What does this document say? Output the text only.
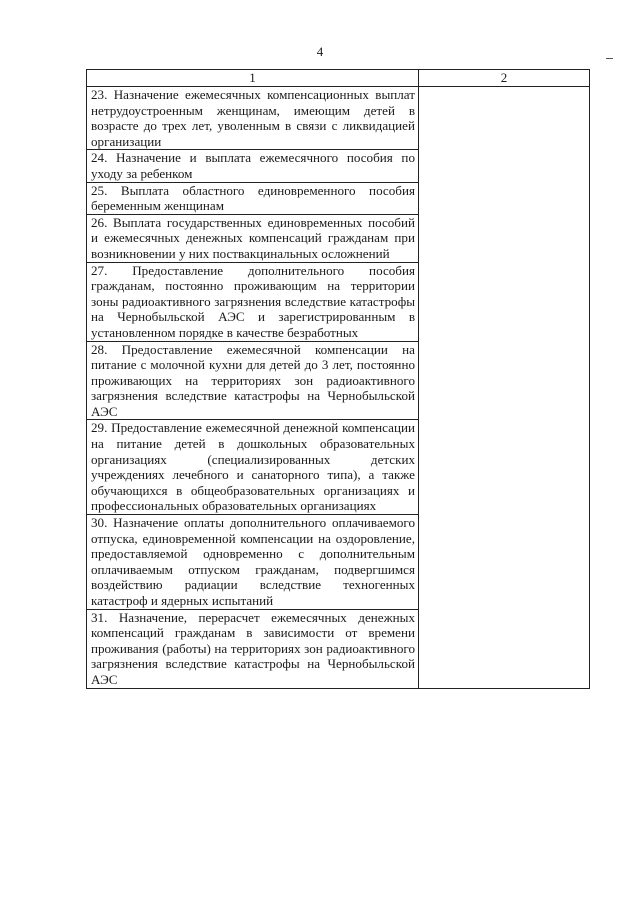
4
1	2

23. Назначение ежемесячных компенсационных выплат нетрудоустроенным женщинам, имеющим детей в возрасте до трех лет, уволенным в связи с ликвидацией организации	

24. Назначение и выплата ежемесячного пособия по уходу за ребенком	

25. Выплата областного единовременного пособия беременным женщинам	

26. Выплата государственных единовременных пособий и ежемесячных денежных компенсаций гражданам при возникновении у них поствакцинальных осложнений	

27. Предоставление дополнительного пособия гражданам, постоянно проживающим на территории зоны радиоактивного загрязнения вследствие катастрофы на Чернобыльской АЭС и зарегистрированным в установленном порядке в качестве безработных	

28. Предоставление ежемесячной компенсации на питание с молочной кухни для детей до 3 лет, постоянно проживающих на территориях зон радиоактивного загрязнения вследствие катастрофы на Чернобыльской АЭС	

29. Предоставление ежемесячной денежной компенсации на питание детей в дошкольных образовательных организациях (специализированных детских учреждениях лечебного и санаторного типа), а также обучающихся в общеобразовательных организациях и профессиональных образовательных организациях	

30. Назначение оплаты дополнительного оплачиваемого отпуска, единовременной компенсации на оздоровление, предоставляемой одновременно с дополнительным оплачиваемым отпуском гражданам, подвергшимся воздействию радиации вследствие техногенных катастроф и ядерных испытаний	

31. Назначение, перерасчет ежемесячных денежных компенсаций гражданам в зависимости от времени проживания (работы) на территориях зон радиоактивного загрязнения вследствие катастрофы на Чернобыльской АЭС	
